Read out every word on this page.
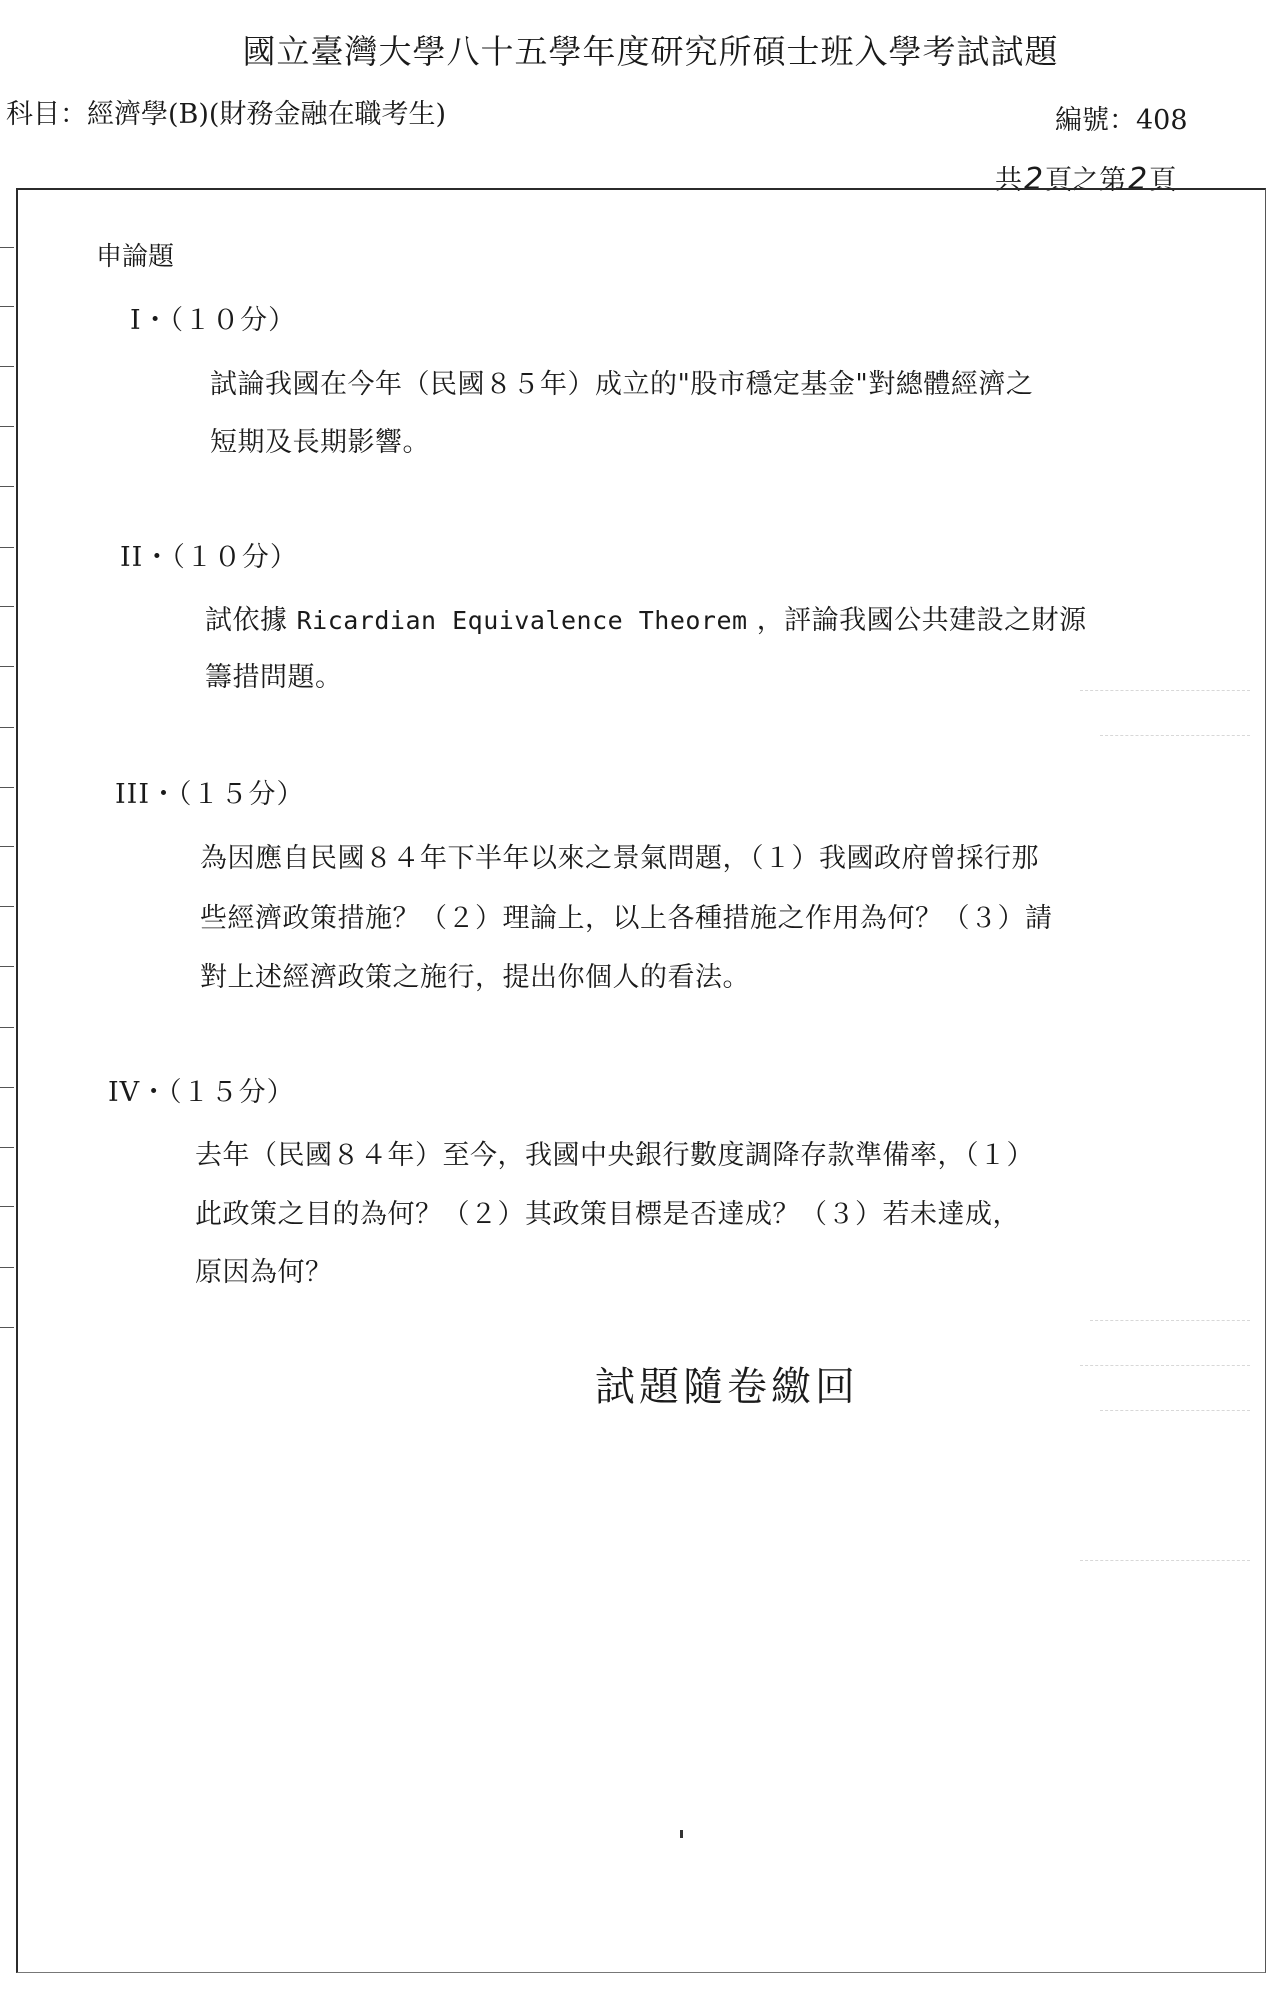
國立臺灣大學八十五學年度研究所碩士班入學考試試題
科目：經濟學(B)(財務金融在職考生)	編號：408
共2頁之第2頁
申論題
I・（１０分）
試論我國在今年（民國８５年）成立的"股市穩定基金"對總體經濟之
短期及長期影響。
II・（１０分）
試依據 Ricardian Equivalence Theorem ，評論我國公共建設之財源
籌措問題。
III・（１５分）
為因應自民國８４年下半年以來之景氣問題，（１）我國政府曾採行那
些經濟政策措施？（２）理論上，以上各種措施之作用為何？（３）請
對上述經濟政策之施行，提出你個人的看法。
IV・（１５分）
去年（民國８４年）至今，我國中央銀行數度調降存款準備率，（１）
此政策之目的為何？（２）其政策目標是否達成？（３）若未達成，
原因為何？
試題隨卷繳回
